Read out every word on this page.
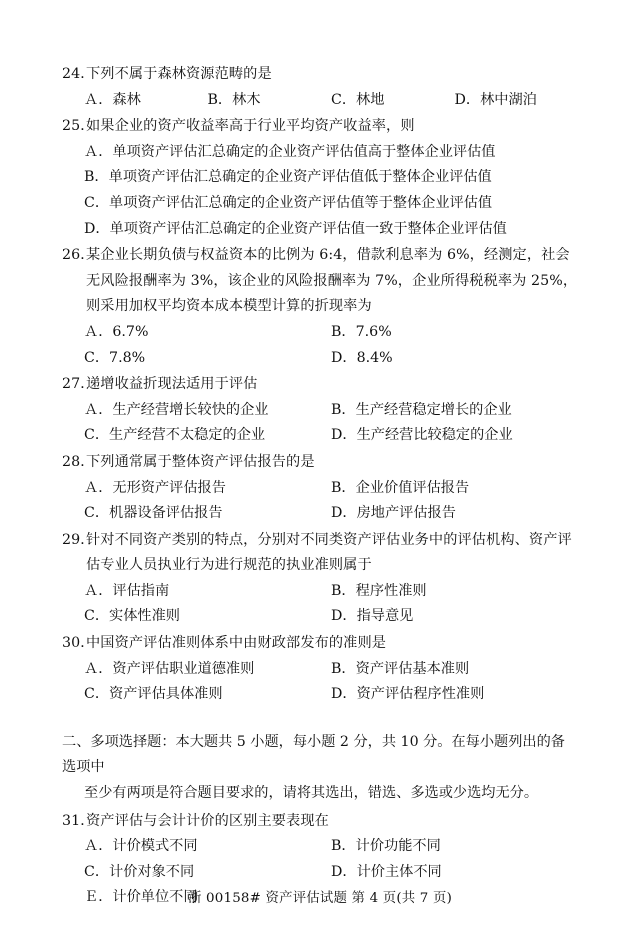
24．
下列不属于森林资源范畴的是
Ａ．森林	B．林木	C．林地	D．林中湖泊
25．
如果企业的资产收益率高于行业平均资产收益率，则
Ａ．单项资产评估汇总确定的企业资产评估值高于整体企业评估值
B．单项资产评估汇总确定的企业资产评估值低于整体企业评估值
C．单项资产评估汇总确定的企业资产评估值等于整体企业评估值
D．单项资产评估汇总确定的企业资产评估值一致于整体企业评估值
26．
某企业长期负债与权益资本的比例为 6:4，借款利息率为 6%，经测定，社会无风险报酬率为 3%，该企业的风险报酬率为 7%，企业所得税税率为 25%，则采用加权平均资本成本模型计算的折现率为
Ａ．6.7%	B．7.6%
C．7.8%	D．8.4%
27．
递增收益折现法适用于评估
Ａ．生产经营增长较快的企业	B．生产经营稳定增长的企业
C．生产经营不太稳定的企业	D．生产经营比较稳定的企业
28．
下列通常属于整体资产评估报告的是
Ａ．无形资产评估报告	B．企业价值评估报告
C．机器设备评估报告	D．房地产评估报告
29．
针对不同资产类别的特点，分别对不同类资产评估业务中的评估机构、资产评估专业人员执业行为进行规范的执业准则属于
Ａ．评估指南	B．程序性准则
C．实体性准则	D．指导意见
30．
中国资产评估准则体系中由财政部发布的准则是
Ａ．资产评估职业道德准则	B．资产评估基本准则
C．资产评估具体准则	D．资产评估程序性准则
二、多项选择题：本大题共 5 小题，每小题 2 分，共 10 分。在每小题列出的备选项中
至少有两项是符合题目要求的，请将其选出，错选、多选或少选均无分。
31．
资产评估与会计计价的区别主要表现在
Ａ．计价模式不同	B．计价功能不同
C．计价对象不同	D．计价主体不同
Ｅ．计价单位不同
浙 00158# 资产评估试题 第 4 页(共 7 页)
